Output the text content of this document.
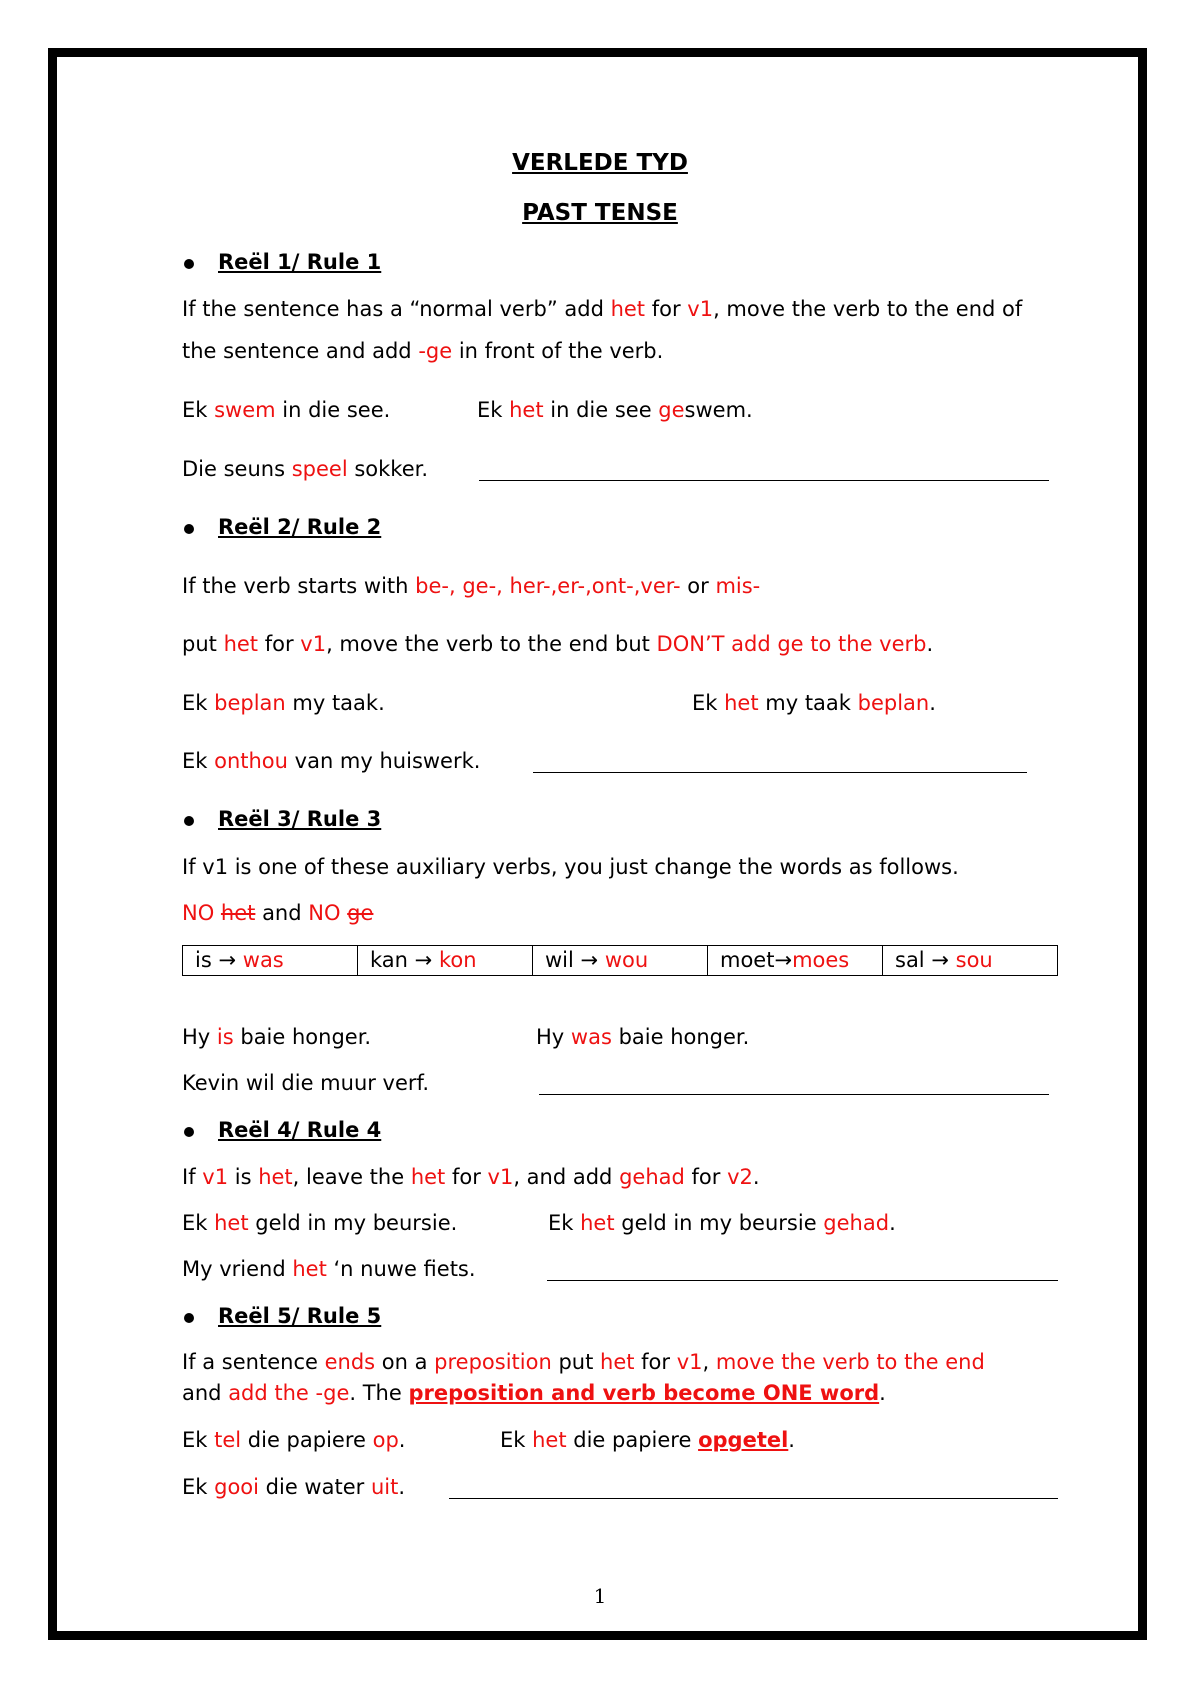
VERLEDE TYD
PAST TENSE
Reël 1/ Rule 1
If the sentence has a “normal verb” add het for v1, move the verb to the end of
the sentence and add -ge in front of the verb.
Ek swem in die see.	Ek het in die see geswem.
Die seuns speel sokker.
Reël 2/ Rule 2
If the verb starts with be-, ge-, her-,er-,ont-,ver- or mis-
put het for v1, move the verb to the end but DON’T add ge to the verb.
Ek beplan my taak.	Ek het my taak beplan.
Ek onthou van my huiswerk.
Reël 3/ Rule 3
If v1 is one of these auxiliary verbs, you just change the words as follows.
NO het and NO ge
is → was	kan → kon	wil → wou	moet→moes	sal → sou
Hy is baie honger.	Hy was baie honger.
Kevin wil die muur verf.
Reël 4/ Rule 4
If v1 is het, leave the het for v1, and add gehad for v2.
Ek het geld in my beursie.	Ek het geld in my beursie gehad.
My vriend het ‘n nuwe fiets.
Reël 5/ Rule 5
If a sentence ends on a preposition put het for v1, move the verb to the end
and add the -ge. The preposition and verb become ONE word.
Ek tel die papiere op.	Ek het die papiere opgetel.
Ek gooi die water uit.
1
